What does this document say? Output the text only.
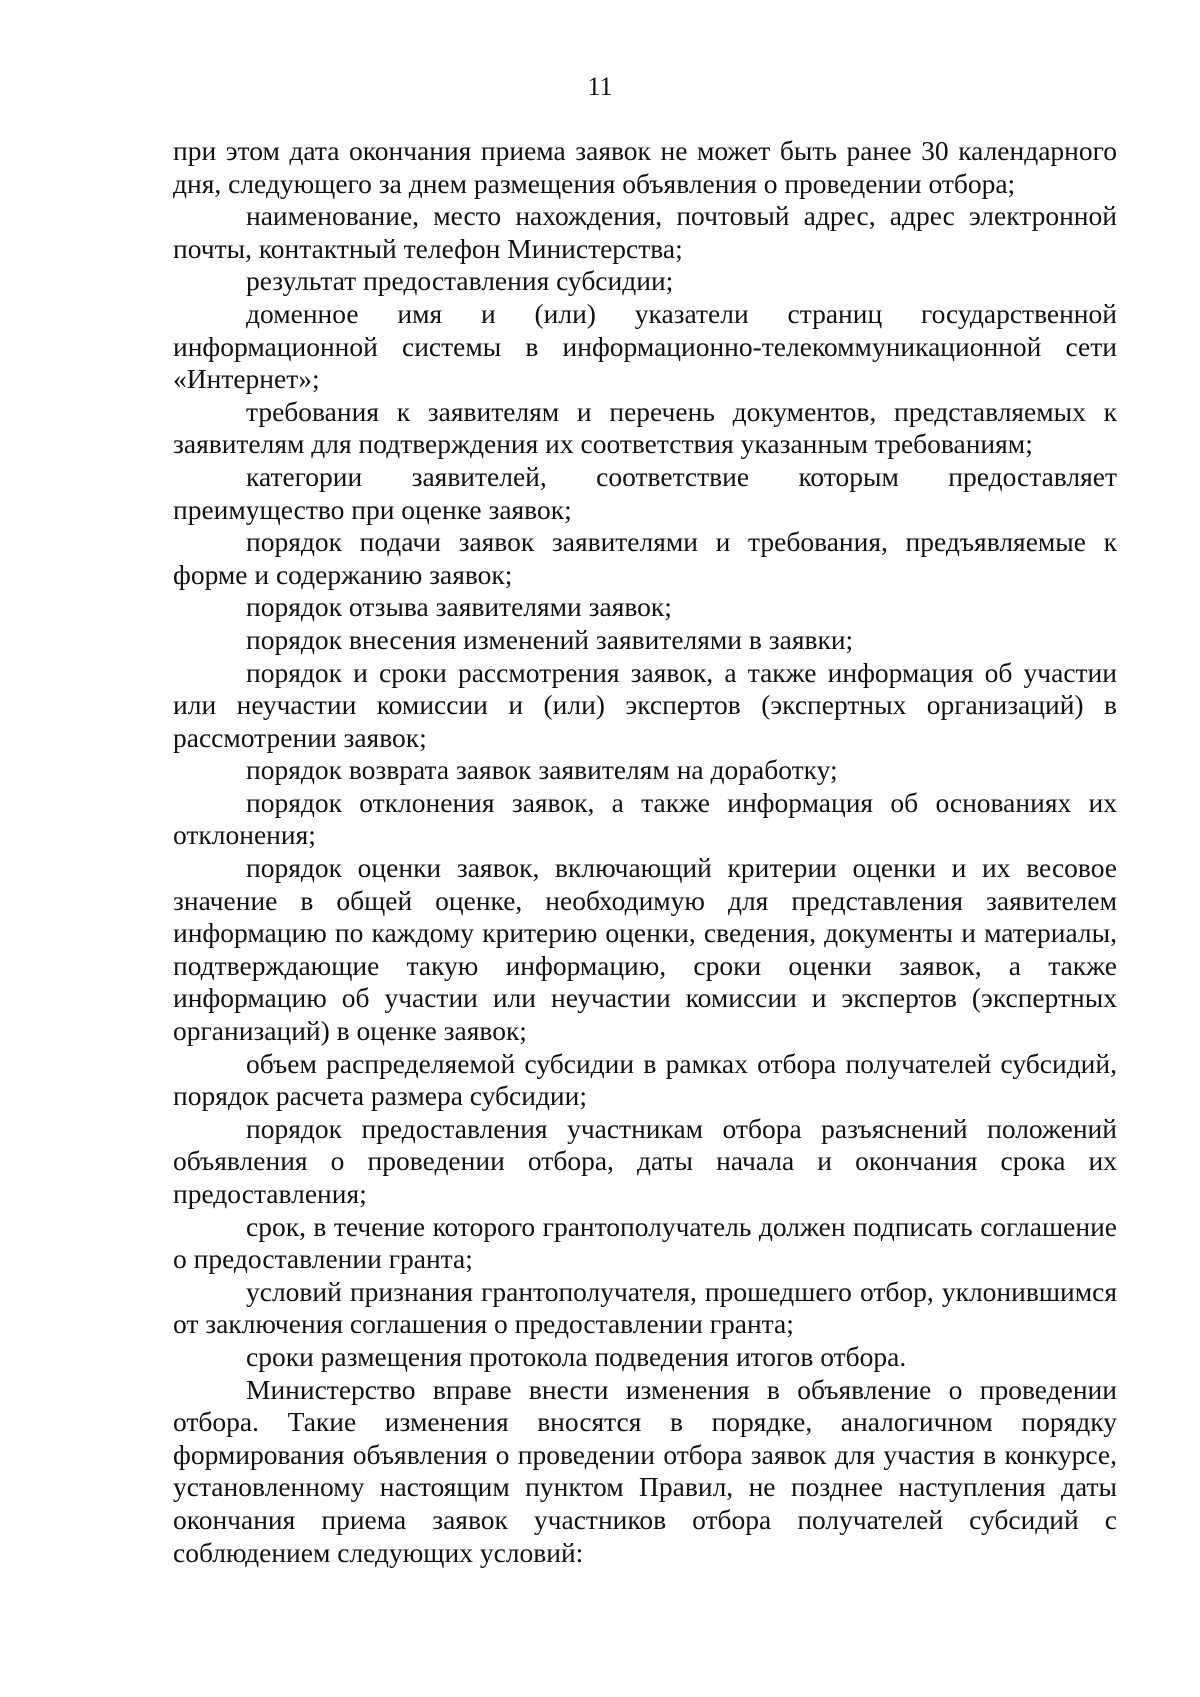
11

при этом дата окончания приема заявок не может быть ранее 30 календарного дня, следующего за днем размещения объявления о проведении отбора;

наименование, место нахождения, почтовый адрес, адрес электронной почты, контактный телефон Министерства;

результат предоставления субсидии;

доменное имя и (или) указатели страниц государственной информационной системы в информационно-телекоммуникационной сети «Интернет»;

требования к заявителям и перечень документов, представляемых к заявителям для подтверждения их соответствия указанным требованиям;

категории заявителей, соответствие которым предоставляет преимущество при оценке заявок;

порядок подачи заявок заявителями и требования, предъявляемые к форме и содержанию заявок;

порядок отзыва заявителями заявок;

порядок внесения изменений заявителями в заявки;

порядок и сроки рассмотрения заявок, а также информация об участии или неучастии комиссии и (или) экспертов (экспертных организаций) в рассмотрении заявок;

порядок возврата заявок заявителям на доработку;

порядок отклонения заявок, а также информация об основаниях их отклонения;

порядок оценки заявок, включающий критерии оценки и их весовое значение в общей оценке, необходимую для представления заявителем информацию по каждому критерию оценки, сведения, документы и материалы, подтверждающие такую информацию, сроки оценки заявок, а также информацию об участии или неучастии комиссии и экспертов (экспертных организаций) в оценке заявок;

объем распределяемой субсидии в рамках отбора получателей субсидий, порядок расчета размера субсидии;

порядок предоставления участникам отбора разъяснений положений объявления о проведении отбора, даты начала и окончания срока их предоставления;

срок, в течение которого грантополучатель должен подписать соглашение о предоставлении гранта;

условий признания грантополучателя, прошедшего отбор, уклонившимся от заключения соглашения о предоставлении гранта;

сроки размещения протокола подведения итогов отбора.

Министерство вправе внести изменения в объявление о проведении отбора. Такие изменения вносятся в порядке, аналогичном порядку формирования объявления о проведении отбора заявок для участия в конкурсе, установленному настоящим пунктом Правил, не позднее наступления даты окончания приема заявок участников отбора получателей субсидий с соблюдением следующих условий:
